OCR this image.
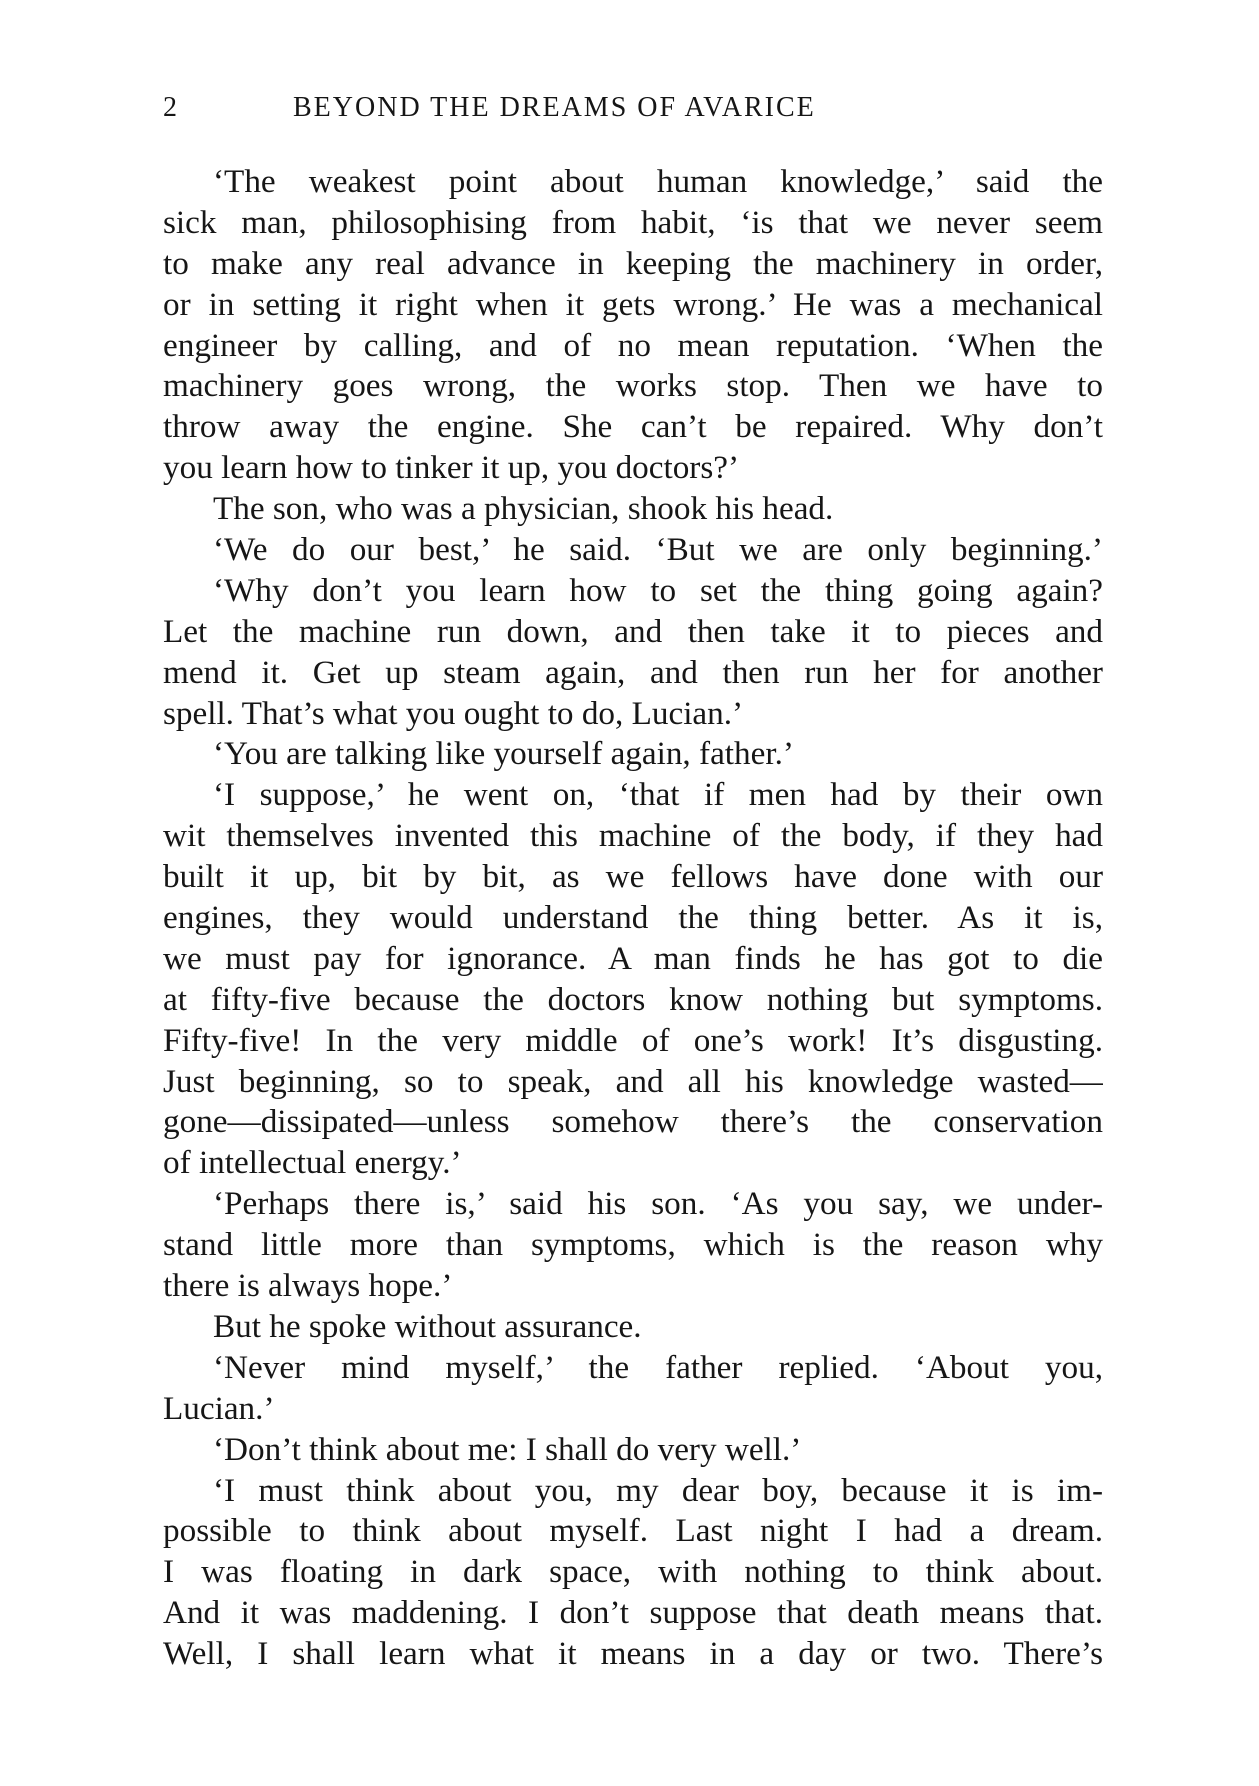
2	BEYOND THE DREAMS OF AVARICE
‘The weakest point about human knowledge,’ said the
sick man, philosophising from habit, ‘is that we never seem
to make any real advance in keeping the machinery in order,
or in setting it right when it gets wrong.’ He was a mechanical
engineer by calling, and of no mean reputation. ‘When the
machinery goes wrong, the works stop. Then we have to
throw away the engine. She can’t be repaired. Why don’t
you learn how to tinker it up, you doctors?’
The son, who was a physician, shook his head.
‘We do our best,’ he said. ‘But we are only beginning.’
‘Why don’t you learn how to set the thing going again?
Let the machine run down, and then take it to pieces and
mend it. Get up steam again, and then run her for another
spell. That’s what you ought to do, Lucian.’
‘You are talking like yourself again, father.’
‘I suppose,’ he went on, ‘that if men had by their own
wit themselves invented this machine of the body, if they had
built it up, bit by bit, as we fellows have done with our
engines, they would understand the thing better. As it is,
we must pay for ignorance. A man finds he has got to die
at fifty-five because the doctors know nothing but symptoms.
Fifty-five! In the very middle of one’s work! It’s disgusting.
Just beginning, so to speak, and all his knowledge wasted—
gone—dissipated—unless somehow there’s the conservation
of intellectual energy.’
‘Perhaps there is,’ said his son. ‘As you say, we under-
stand little more than symptoms, which is the reason why
there is always hope.’
But he spoke without assurance.
‘Never mind myself,’ the father replied. ‘About you,
Lucian.’
‘Don’t think about me: I shall do very well.’
‘I must think about you, my dear boy, because it is im-
possible to think about myself. Last night I had a dream.
I was floating in dark space, with nothing to think about.
And it was maddening. I don’t suppose that death means that.
Well, I shall learn what it means in a day or two. There’s
